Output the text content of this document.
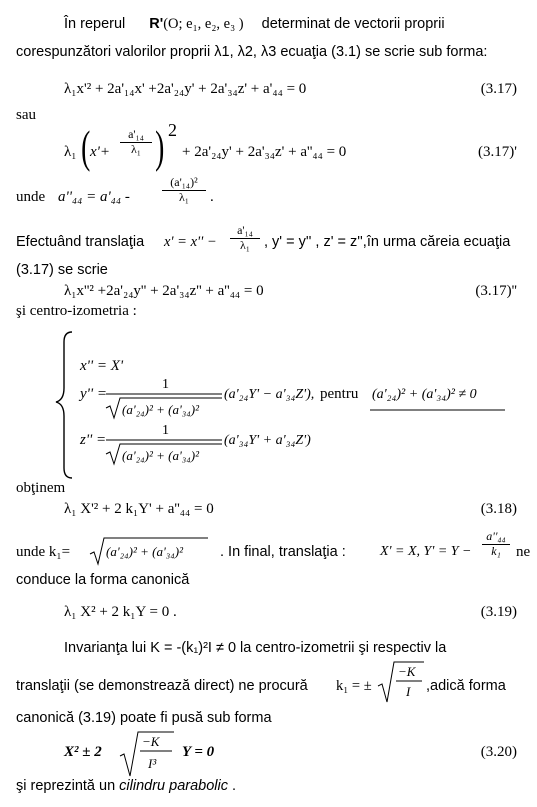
În reperul R'(O; e₁, e₂, e₃ ) determinat de vectorii proprii
corespunzători valorilor proprii λ1, λ2, λ3 ecuaţia (3.1) se scrie sub forma:
λ₁x'² + 2a'₁₄x' +2a'₂₄y' + 2a'₃₄z' + a'₄₄ = 0	(3.17)
sau
λ₁ ( $x'+ \frac{\text{a'₁₄}}{\text{λ₁}}$ ) 2
+ 2a'₂₄y' + 2a'₃₄z' + a''₄₄ = 0	(3.17)'
unde a''₄₄ = a'₄₄ -	$\frac{\text{(a'₁₄)²}}{\text{λ₁}}$ .
Efectuând translaţia $x' = x'' - \frac{\text{a'₁₄}}{\text{λ₁}}$ , y' = y'' , z' = z'',în urma căreia ecuaţia
(3.17) se scrie
λ₁x''² +2a'₂₄y'' + 2a'₃₄z'' + a''₄₄ = 0	(3.17)''
şi centro-izometria :
x'' = X'
y'' =
1
(a'₂₄)² + (a'₃₄)²
(a'₂₄Y' − a'₃₄Z'), pentru (a'₂₄)² + (a'₃₄)² ≠ 0
z'' =
1
(a'₂₄)² + (a'₃₄)²
(a'₃₄Y' + a'₃₄Z')
obţinem
λ₁ X'² + 2 k₁Y' + a''₄₄ = 0	(3.18)
unde k₁=	(a'₂₄)² + (a'₃₄)²	. In final, translaţia : X' = X, $Y' = Y - \frac{\text{a''₄₄}}{\text{k₁}}$ ne
conduce la forma canonică
λ₁ X² + 2 k₁Y = 0 .	(3.19)
Invarianţa lui K = -(k₁)²I ≠ 0 la centro-izometrii şi respectiv la
translaţii (se demonstrează direct) ne procură k₁ = ±
−K
I ,adică forma
canonică (3.19) poate fi pusă sub forma
X² ± 2
−K
I³
Y = 0	(3.20)
şi reprezintă un cilindru parabolic .
